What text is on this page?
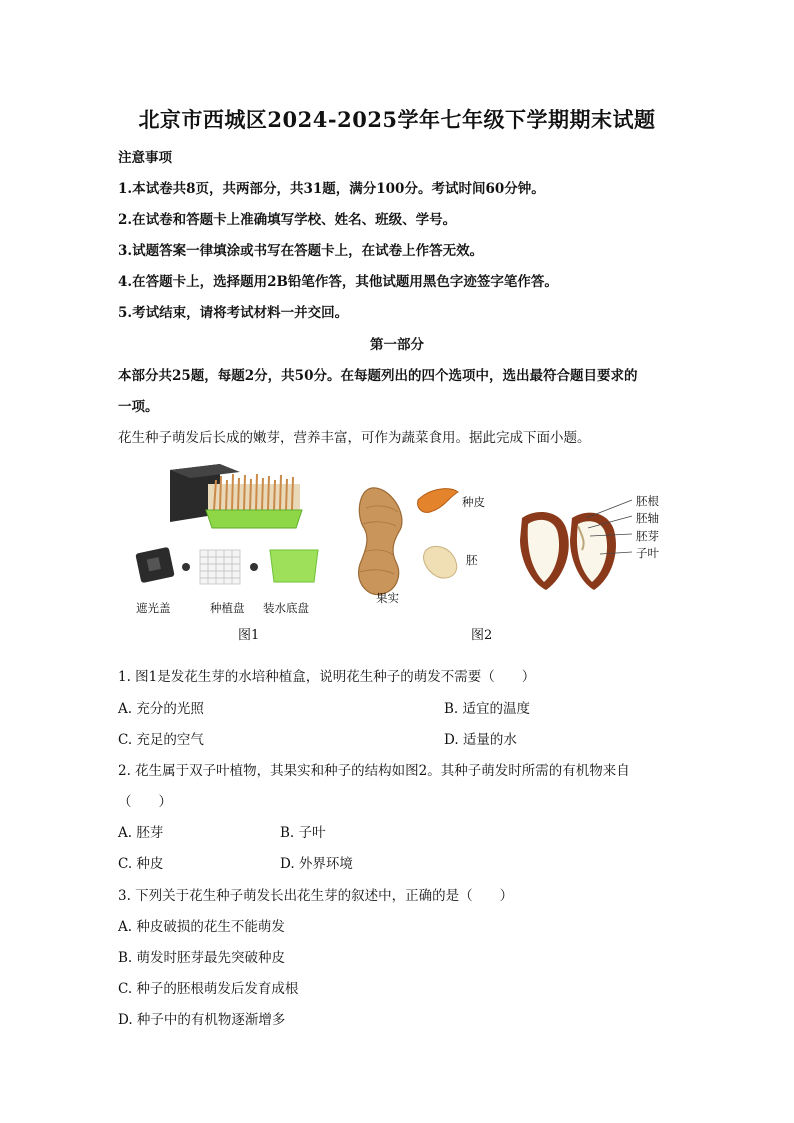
北京市西城区2024-2025学年七年级下学期期末试题
注意事项
1.本试卷共8页，共两部分，共31题，满分100分。考试时间60分钟。
2.在试卷和答题卡上准确填写学校、姓名、班级、学号。
3.试题答案一律填涂或书写在答题卡上，在试卷上作答无效。
4.在答题卡上，选择题用2B铅笔作答，其他试题用黑色字迹签字笔作答。
5.考试结束，请将考试材料一并交回。
第一部分
本部分共25题，每题2分，共50分。在每题列出的四个选项中，选出最符合题目要求的
一项。
花生种子萌发后长成的嫩芽，营养丰富，可作为蔬菜食用。据此完成下面小题。
遮光盖	种植盘 装水底盘
图1
种皮
胚
果实
胚根
胚轴
胚芽
子叶
图2
1. 图1是发花生芽的水培种植盒，说明花生种子的萌发不需要（　　）
A. 充分的光照	B. 适宜的温度
C. 充足的空气	D. 适量的水
2. 花生属于双子叶植物，其果实和种子的结构如图2。其种子萌发时所需的有机物来自
（　　）
A. 胚芽	B. 子叶
C. 种皮	D. 外界环境
3. 下列关于花生种子萌发长出花生芽的叙述中，正确的是（　　）
A. 种皮破损的花生不能萌发
B. 萌发时胚芽最先突破种皮
C. 种子的胚根萌发后发育成根
D. 种子中的有机物逐渐增多
